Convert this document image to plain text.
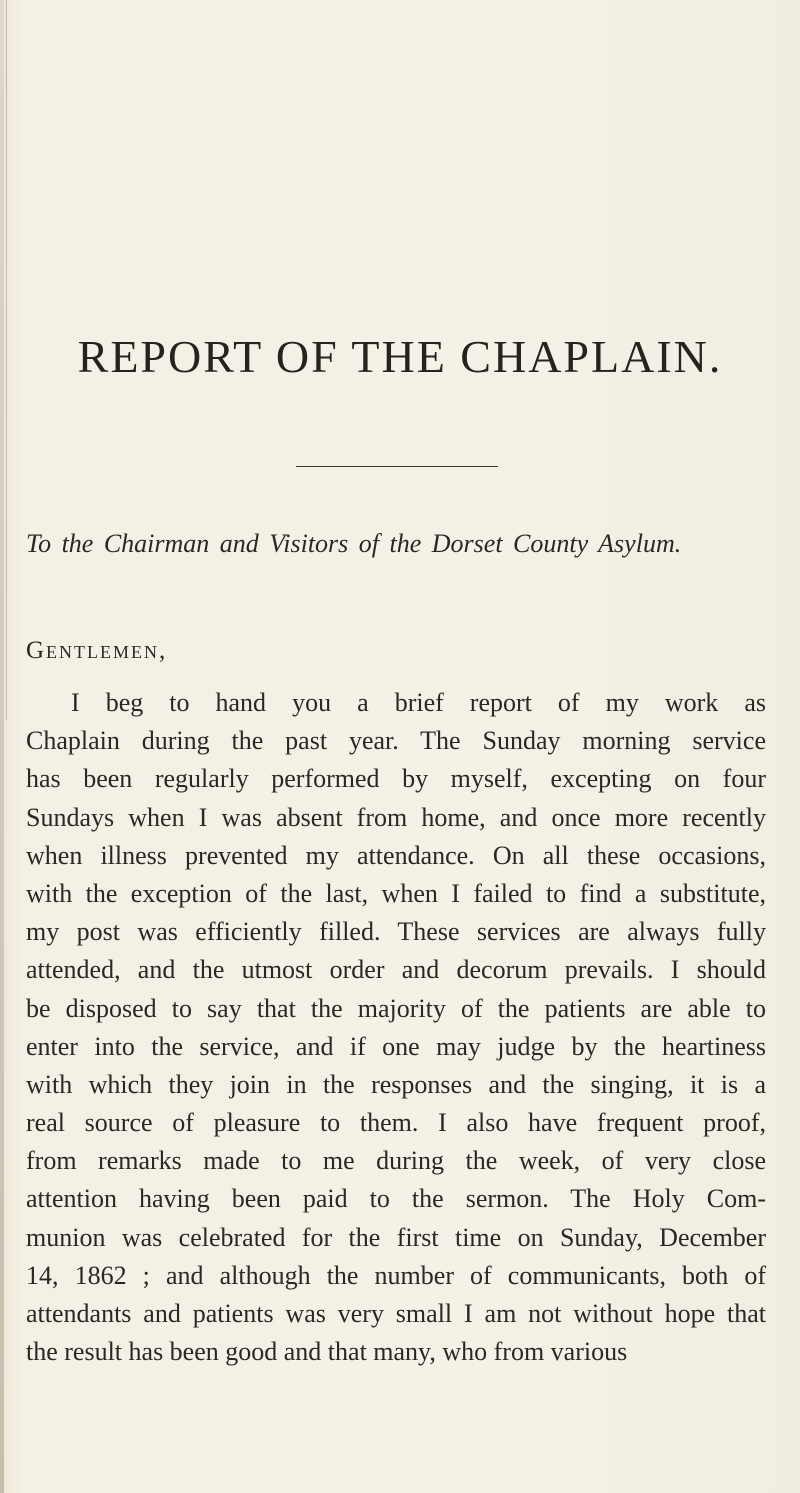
REPORT OF THE CHAPLAIN.

To the Chairman and Visitors of the Dorset County Asylum.

Gentlemen,

I beg to hand you a brief report of my work as
Chaplain during the past year. The Sunday morning service
has been regularly performed by myself, excepting on four
Sundays when I was absent from home, and once more recently
when illness prevented my attendance. On all these occasions,
with the exception of the last, when I failed to find a substitute,
my post was efficiently filled. These services are always fully
attended, and the utmost order and decorum prevails. I should
be disposed to say that the majority of the patients are able to
enter into the service, and if one may judge by the heartiness
with which they join in the responses and the singing, it is a
real source of pleasure to them. I also have frequent proof,
from remarks made to me during the week, of very close
attention having been paid to the sermon. The Holy Com-
munion was celebrated for the first time on Sunday, December
14, 1862 ; and although the number of communicants, both of
attendants and patients was very small I am not without hope that
the result has been good and that many, who from various
